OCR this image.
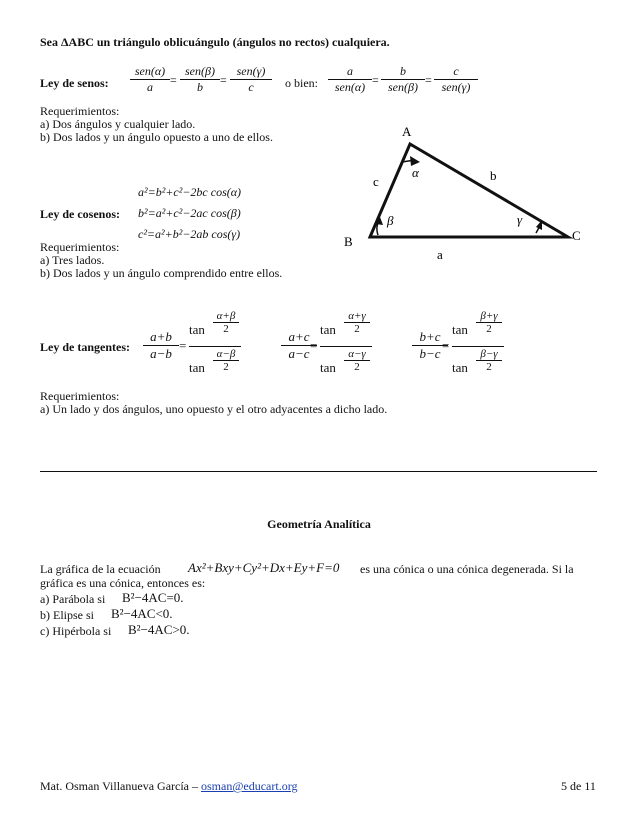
Sea ΔABC un triángulo oblicuángulo (ángulos no rectos) cualquiera.
Ley de senos:
sen(α)
a	=
sen(β)
b	=
sen(γ)
c	o bien:
a
sen(α) =
b
sen(β) =
c
sen(γ)
Requerimientos:
a) Dos ángulos y cualquier lado.
b) Dos lados y un ángulo opuesto a uno de ellos.	A
B	C
c	b
a
α
β	γ
a²=b²+c²−2bc cos(α)
b²=a²+c²−2ac cos(β)
c²=a²+b²−2ab cos(γ)
Ley de cosenos:
Requerimientos:
a) Tres lados.
b) Dos lados y un ángulo comprendido entre ellos.
Ley de tangentes: $\frac{a+b}{a-b}$ =
$\tan \frac{\alpha+\beta}{2}$
$\tan \frac{\alpha-\beta}{2}$	$\frac{a+c}{a-c}$
=
$\tan \frac{\alpha+\gamma}{2}$
$\tan \frac{\alpha-\gamma}{2}$	$\frac{b+c}{b-c}$
=
$\tan \frac{\beta+\gamma}{2}$
$\tan \frac{\beta-\gamma}{2}$
Requerimientos:
a) Un lado y dos ángulos, uno opuesto y el otro adyacentes a dicho lado.
Geometría Analítica
La gráfica de la ecuación Ax²+Bxy+Cy²+Dx+Ey+F=0 es una cónica o una cónica degenerada. Si la
gráfica es una cónica, entonces es:
a) Parábola si B²−4AC=0.
b) Elipse si B²−4AC<0.
c) Hipérbola si B²−4AC>0.
Mat. Osman Villanueva García – osman@educart.org	5 de 11
